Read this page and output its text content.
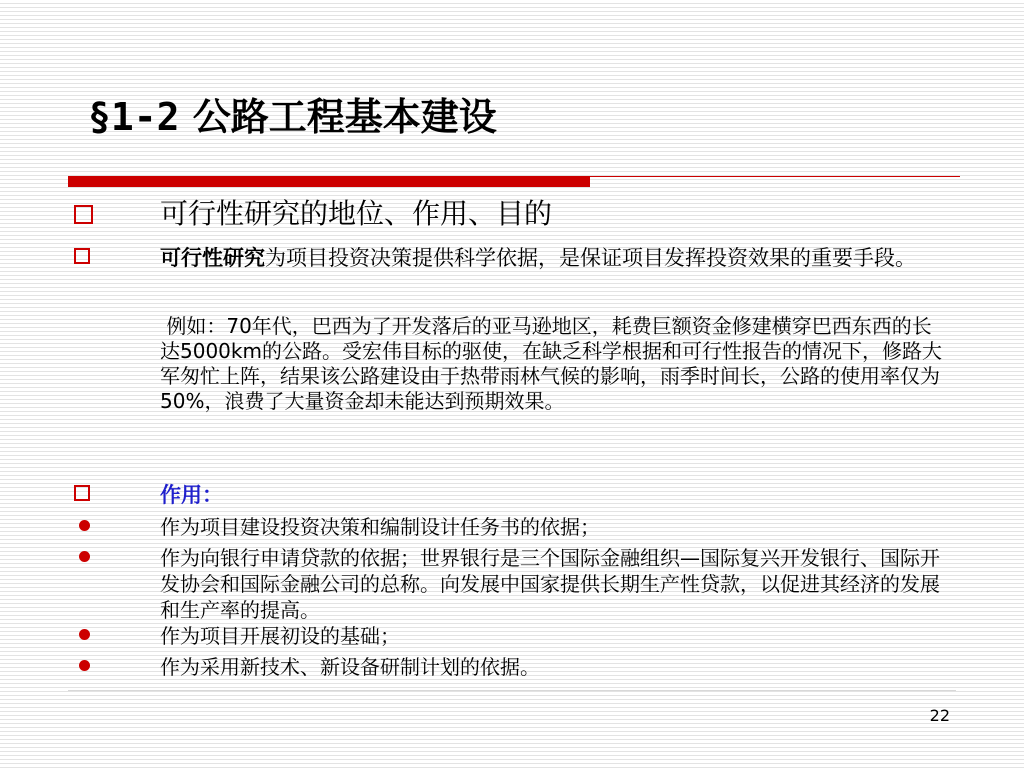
§1-2 公路工程基本建设
可行性研究的地位、作用、目的
可行性研究为项目投资决策提供科学依据，是保证项目发挥投资效果的重要手段。
例如：70年代，巴西为了开发落后的亚马逊地区，耗费巨额资金修建横穿巴西东西的长达5000km的公路。受宏伟目标的驱使，在缺乏科学根据和可行性报告的情况下，修路大军匆忙上阵，结果该公路建设由于热带雨林气候的影响，雨季时间长，公路的使用率仅为50%，浪费了大量资金却未能达到预期效果。
作用：
作为项目建设投资决策和编制设计任务书的依据；
作为向银行申请贷款的依据；世界银行是三个国际金融组织—国际复兴开发银行、国际开发协会和国际金融公司的总称。向发展中国家提供长期生产性贷款，以促进其经济的发展和生产率的提高。
作为项目开展初设的基础；
作为采用新技术、新设备研制计划的依据。
22
